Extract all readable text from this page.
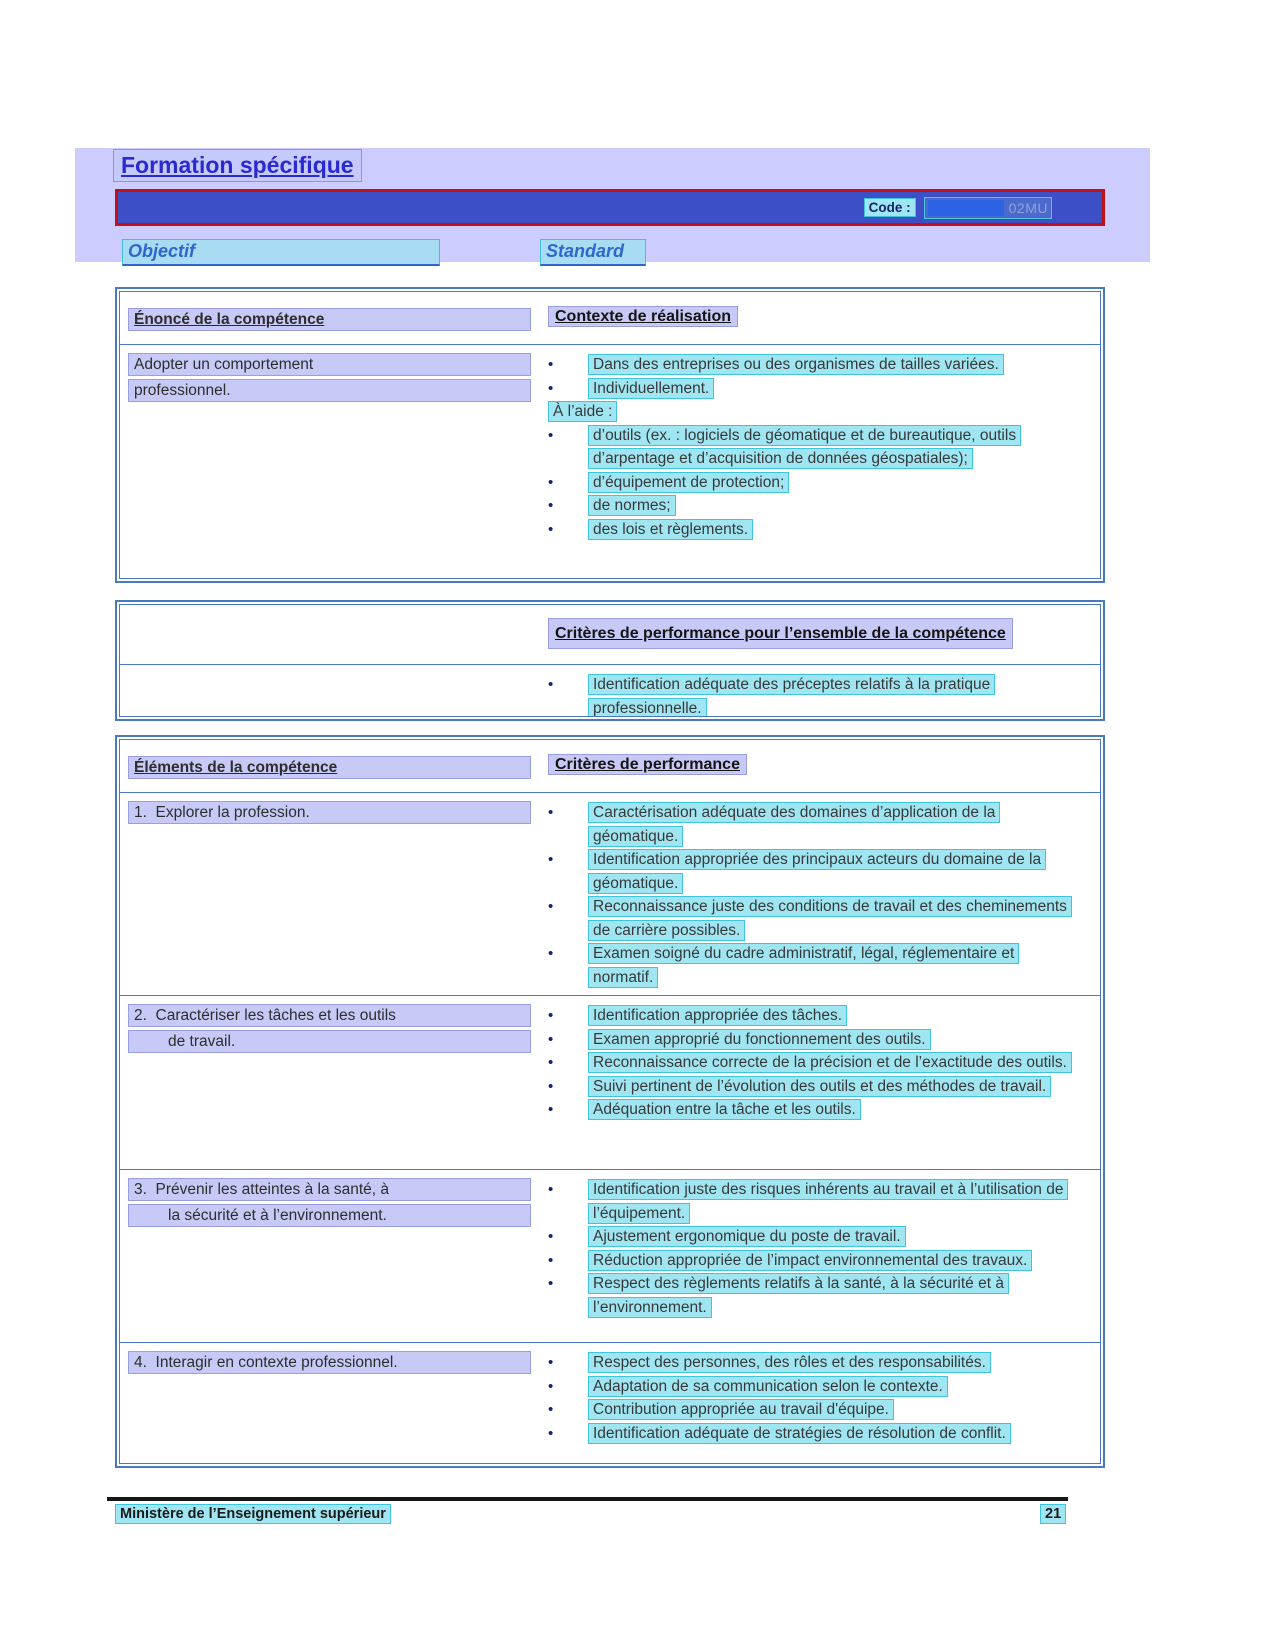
Formation spécifique
Code :	02MU
Objectif	Standard
Énoncé de la compétence	Contexte de réalisation
Adopter un comportement
professionnel.
•	Dans des entreprises ou des organismes de tailles variées.
•	Individuellement.
À l’aide :
•	d’outils (ex. : logiciels de géomatique et de bureautique, outils d’arpentage et d’acquisition de données géospatiales);
•	d’équipement de protection;
•	de normes;
•	des lois et règlements.
Critères de performance pour l’ensemble de la compétence
•	Identification adéquate des préceptes relatifs à la pratique professionnelle.
Éléments de la compétence	Critères de performance
1.  Explorer la profession.	•	Caractérisation adéquate des domaines d’application de la géomatique.
•	Identification appropriée des principaux acteurs du domaine de la géomatique.
•	Reconnaissance juste des conditions de travail et des cheminements de carrière possibles.
•	Examen soigné du cadre administratif, légal, réglementaire et normatif.
2.  Caractériser les tâches et les outils
de travail.
•	Identification appropriée des tâches.
•	Examen approprié du fonctionnement des outils.
•	Reconnaissance correcte de la précision et de l’exactitude des outils.
•	Suivi pertinent de l’évolution des outils et des méthodes de travail.
•	Adéquation entre la tâche et les outils.
3.  Prévenir les atteintes à la santé, à
la sécurité et à l’environnement.
•	Identification juste des risques inhérents au travail et à l’utilisation de l’équipement.
•	Ajustement ergonomique du poste de travail.
•	Réduction appropriée de l’impact environnemental des travaux.
•	Respect des règlements relatifs à la santé, à la sécurité et à l’environnement.
4.  Interagir en contexte professionnel.	•	Respect des personnes, des rôles et des responsabilités.
•	Adaptation de sa communication selon le contexte.
•	Contribution appropriée au travail d'équipe.
•	Identification adéquate de stratégies de résolution de conflit.
Ministère de l’Enseignement supérieur	21
